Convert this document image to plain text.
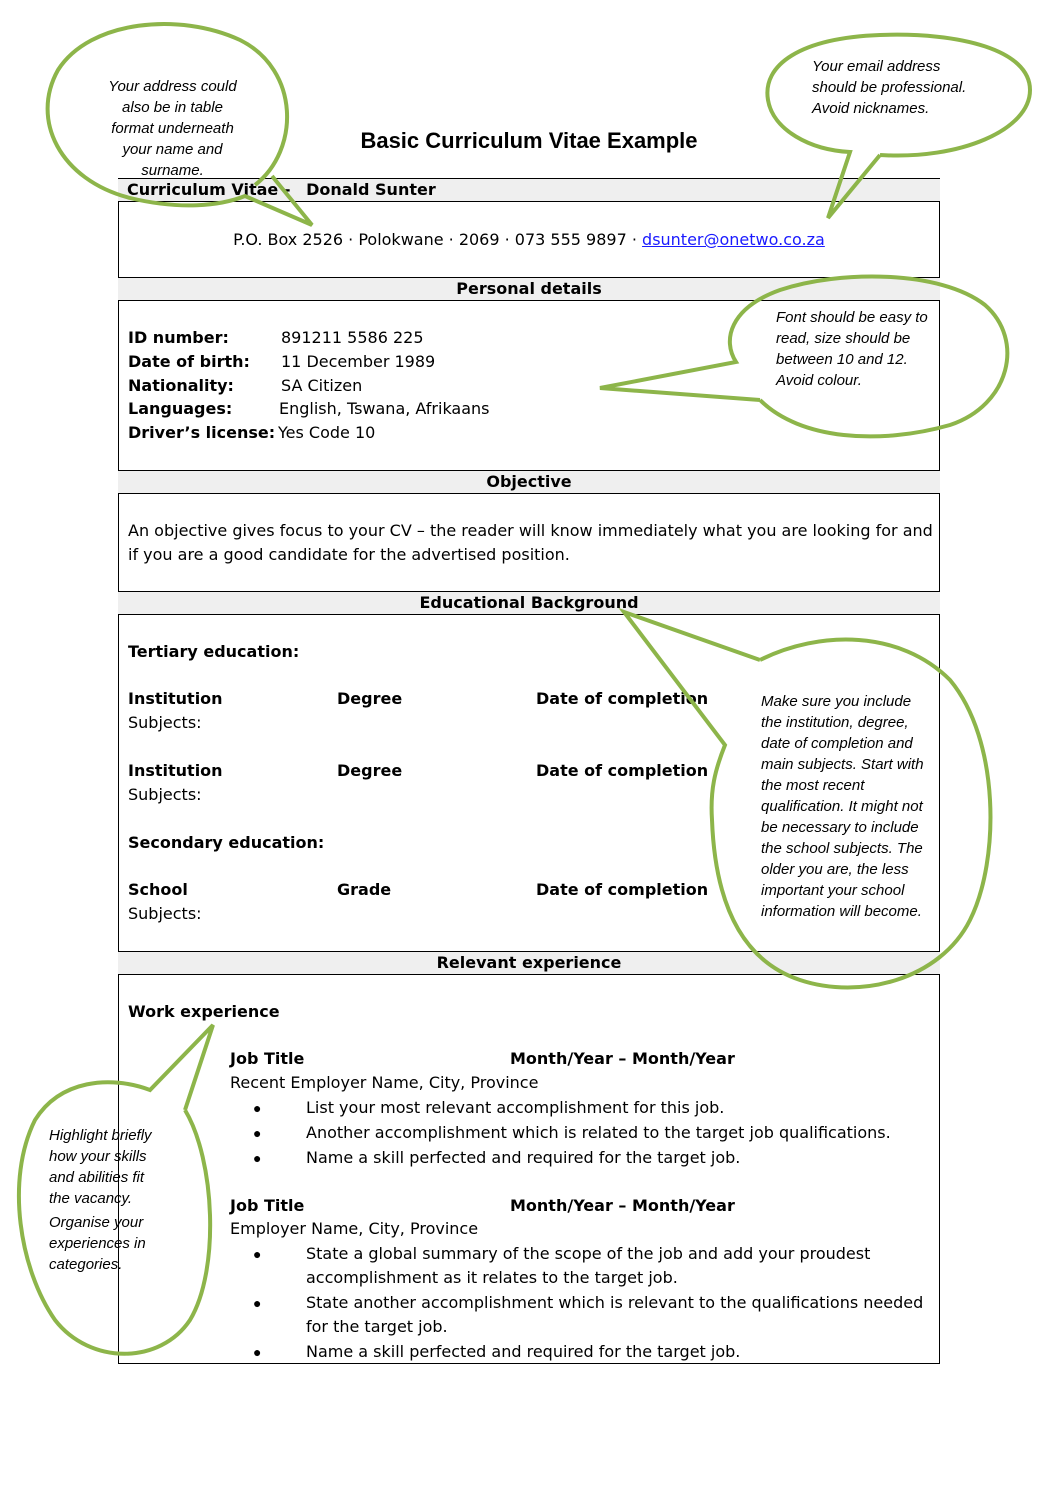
Basic Curriculum Vitae Example
Curriculum Vitae - Donald Sunter
P.O. Box 2526 · Polokwane · 2069 · 073 555 9897 · dsunter@onetwo.co.za
Personal details
ID number:	891211 5586 225
Date of birth: 11 December 1989
Nationality:	SA Citizen
Languages:	English, Tswana, Afrikaans
Driver’s license: Yes Code 10
Objective
An objective gives focus to your CV – the reader will know immediately what you are looking for and
if you are a good candidate for the advertised position.
Educational Background
Tertiary education:
Institution	Degree	Date of completion
Subjects:
Institution	Degree	Date of completion
Subjects:
Secondary education:
School	Grade	Date of completion
Subjects:
Relevant experience
Work experience
Job Title	Month/Year – Month/Year
Recent Employer Name, City, Province
●	List your most relevant accomplishment for this job.
●	Another accomplishment which is related to the target job qualifications.
●	Name a skill perfected and required for the target job.
Job Title	Month/Year – Month/Year
Employer Name, City, Province
●	State a global summary of the scope of the job and add your proudest
accomplishment as it relates to the target job.
●	State another accomplishment which is relevant to the qualifications needed
for the target job.
●	Name a skill perfected and required for the target job.
Your address could
also be in table
format underneath
your name and
surname.
Your email address
should be professional.
Avoid nicknames.
Font should be easy to
read, size should be
between 10 and 12.
Avoid colour.
Make sure you include
the institution, degree,
date of completion and
main subjects. Start with
the most recent
qualification. It might not
be necessary to include
the school subjects. The
older you are, the less
important your school
information will become.
Highlight briefly
how your skills
and abilities fit
the vacancy.
Organise your
experiences in
categories.
